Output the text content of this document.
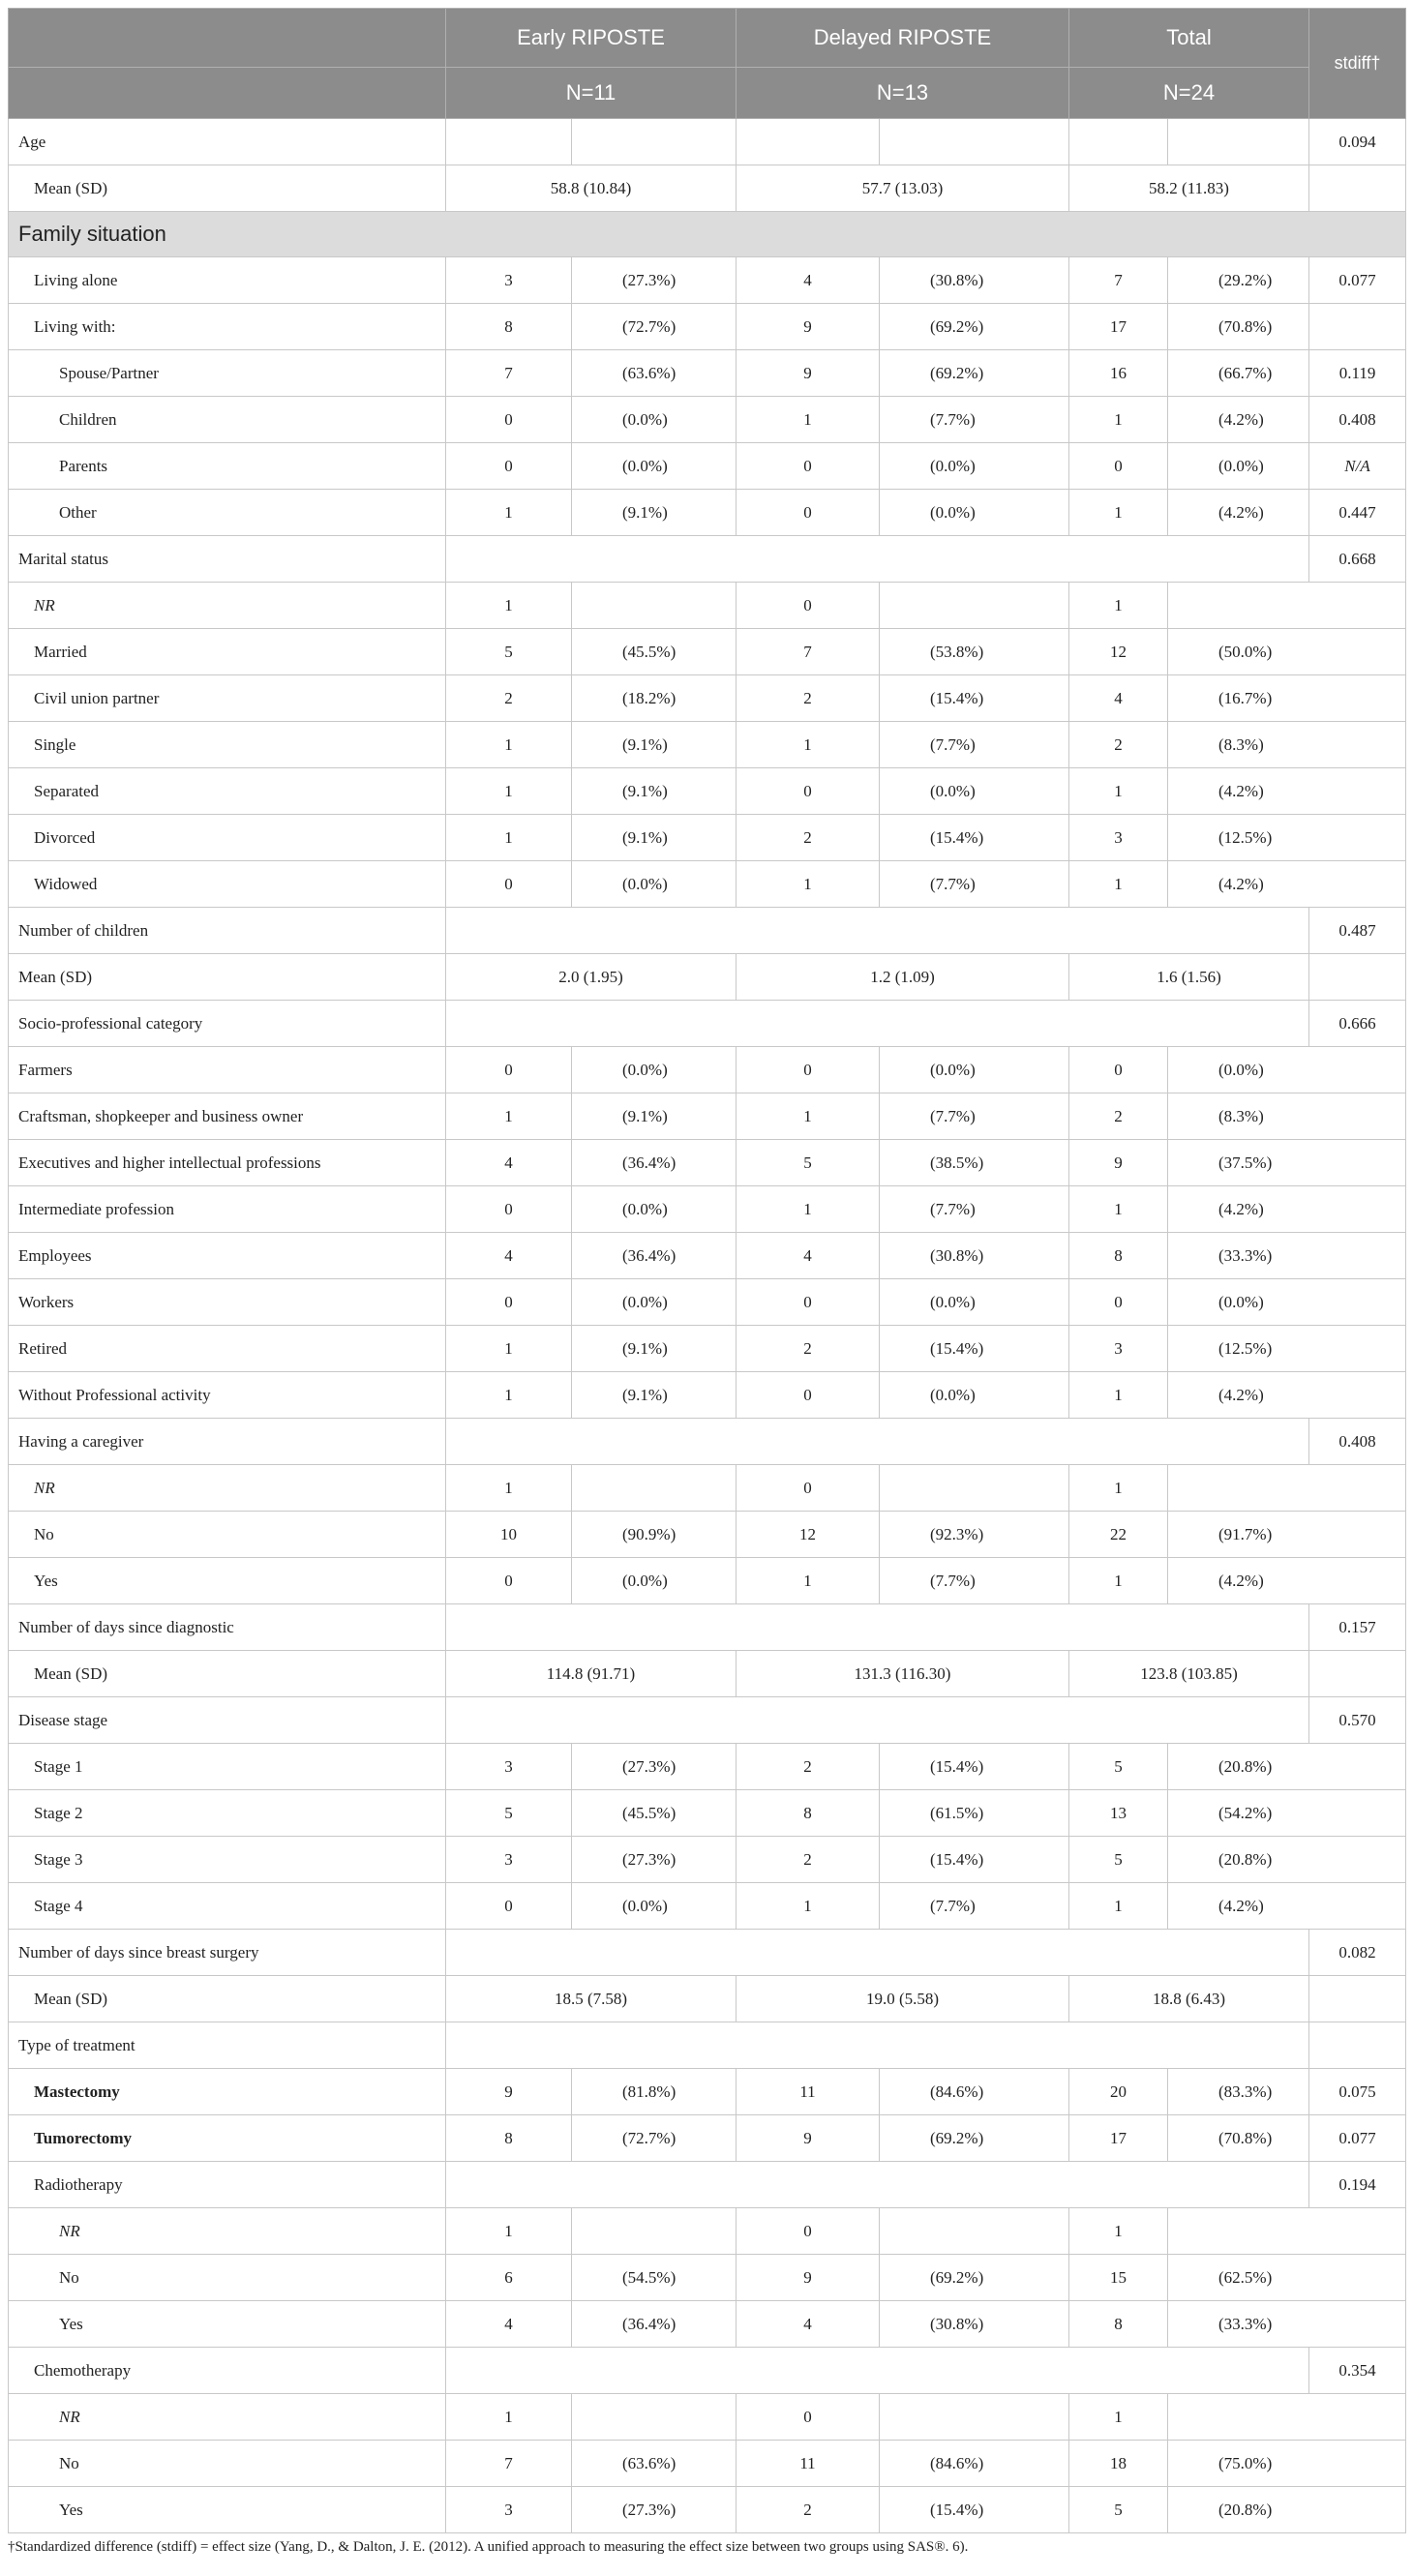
	Early RIPOSTE		Delayed RIPOSTE		Total		stdiff†
	N=11		N=13		N=24		
Age							0.094
Mean (SD)	58.8 (10.84)		57.7 (13.03)		58.2 (11.83)		
Family situation							
Living alone	3	(27.3%)	4	(30.8%)	7	(29.2%)	0.077
Living with:	8	(72.7%)	9	(69.2%)	17	(70.8%)	
Spouse/Partner	7	(63.6%)	9	(69.2%)	16	(66.7%)	0.119
Children	0	(0.0%)	1	(7.7%)	1	(4.2%)	0.408
Parents	0	(0.0%)	0	(0.0%)	0	(0.0%)	N/A
Other	1	(9.1%)	0	(0.0%)	1	(4.2%)	0.447
Marital status							0.668
NR	1		0		1		
Married	5	(45.5%)	7	(53.8%)	12	(50.0%)	
Civil union partner	2	(18.2%)	2	(15.4%)	4	(16.7%)	
Single	1	(9.1%)	1	(7.7%)	2	(8.3%)	
Separated	1	(9.1%)	0	(0.0%)	1	(4.2%)	
Divorced	1	(9.1%)	2	(15.4%)	3	(12.5%)	
Widowed	0	(0.0%)	1	(7.7%)	1	(4.2%)	
Number of children							0.487
Mean (SD)	2.0 (1.95)		1.2 (1.09)		1.6 (1.56)		
Socio-professional category							0.666
Farmers	0	(0.0%)	0	(0.0%)	0	(0.0%)	
Craftsman, shopkeeper and business owner	1	(9.1%)	1	(7.7%)	2	(8.3%)	
Executives and higher intellectual professions	4	(36.4%)	5	(38.5%)	9	(37.5%)	
Intermediate profession	0	(0.0%)	1	(7.7%)	1	(4.2%)	
Employees	4	(36.4%)	4	(30.8%)	8	(33.3%)	
Workers	0	(0.0%)	0	(0.0%)	0	(0.0%)	
Retired	1	(9.1%)	2	(15.4%)	3	(12.5%)	
Without Professional activity	1	(9.1%)	0	(0.0%)	1	(4.2%)	
Having a caregiver							0.408
NR	1		0		1		
No	10	(90.9%)	12	(92.3%)	22	(91.7%)	
Yes	0	(0.0%)	1	(7.7%)	1	(4.2%)	
Number of days since diagnostic							0.157
Mean (SD)	114.8 (91.71)		131.3 (116.30)		123.8 (103.85)		
Disease stage							0.570
Stage 1	3	(27.3%)	2	(15.4%)	5	(20.8%)	
Stage 2	5	(45.5%)	8	(61.5%)	13	(54.2%)	
Stage 3	3	(27.3%)	2	(15.4%)	5	(20.8%)	
Stage 4	0	(0.0%)	1	(7.7%)	1	(4.2%)	
Number of days since breast surgery							0.082
Mean (SD)	18.5 (7.58)		19.0 (5.58)		18.8 (6.43)		
Type of treatment							
Mastectomy	9	(81.8%)	11	(84.6%)	20	(83.3%)	0.075
Tumorectomy	8	(72.7%)	9	(69.2%)	17	(70.8%)	0.077
Radiotherapy							0.194
NR	1		0		1		
No	6	(54.5%)	9	(69.2%)	15	(62.5%)	
Yes	4	(36.4%)	4	(30.8%)	8	(33.3%)	
Chemotherapy							0.354
NR	1		0		1		
No	7	(63.6%)	11	(84.6%)	18	(75.0%)	
Yes	3	(27.3%)	2	(15.4%)	5	(20.8%)	
†Standardized difference (stdiff) = effect size (Yang, D., & Dalton, J. E. (2012). A unified approach to measuring the effect size between two groups using SAS®. 6).
